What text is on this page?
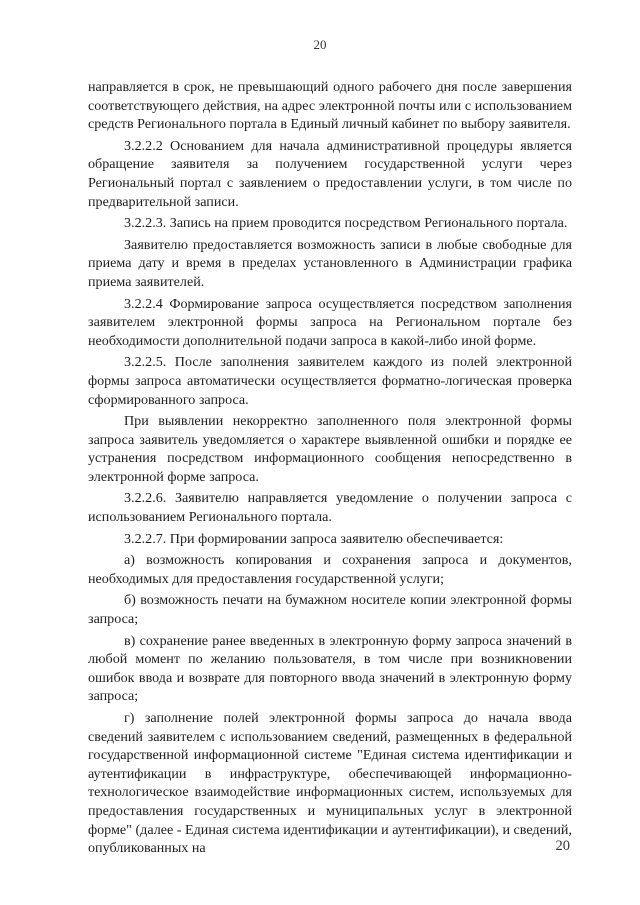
20

направляется в срок, не превышающий одного рабочего дня после завершения соответствующего действия, на адрес электронной почты или с использованием средств Регионального портала в Единый личный кабинет по выбору заявителя.

3.2.2.2 Основанием для начала административной процедуры является обращение заявителя за получением государственной услуги через Региональный портал с заявлением о предоставлении услуги, в том числе по предварительной записи.

3.2.2.3. Запись на прием проводится посредством Регионального портала.

Заявителю предоставляется возможность записи в любые свободные для приема дату и время в пределах установленного в Администрации графика приема заявителей.

3.2.2.4 Формирование запроса осуществляется посредством заполнения заявителем электронной формы запроса на Региональном портале без необходимости дополнительной подачи запроса в какой-либо иной форме.

3.2.2.5. После заполнения заявителем каждого из полей электронной формы запроса автоматически осуществляется форматно-логическая проверка сформированного запроса.

При выявлении некорректно заполненного поля электронной формы запроса заявитель уведомляется о характере выявленной ошибки и порядке ее устранения посредством информационного сообщения непосредственно в электронной форме запроса.

3.2.2.6. Заявителю направляется уведомление о получении запроса с использованием Регионального портала.

3.2.2.7. При формировании запроса заявителю обеспечивается:

а) возможность копирования и сохранения запроса и документов, необходимых для предоставления государственной услуги;

б) возможность печати на бумажном носителе копии электронной формы запроса;

в) сохранение ранее введенных в электронную форму запроса значений в любой момент по желанию пользователя, в том числе при возникновении ошибок ввода и возврате для повторного ввода значений в электронную форму запроса;

г) заполнение полей электронной формы запроса до начала ввода сведений заявителем с использованием сведений, размещенных в федеральной государственной информационной системе "Единая система идентификации и аутентификации в инфраструктуре, обеспечивающей информационно-технологическое взаимодействие информационных систем, используемых для предоставления государственных и муниципальных услуг в электронной форме" (далее - Единая система идентификации и аутентификации), и сведений, опубликованных на	20
